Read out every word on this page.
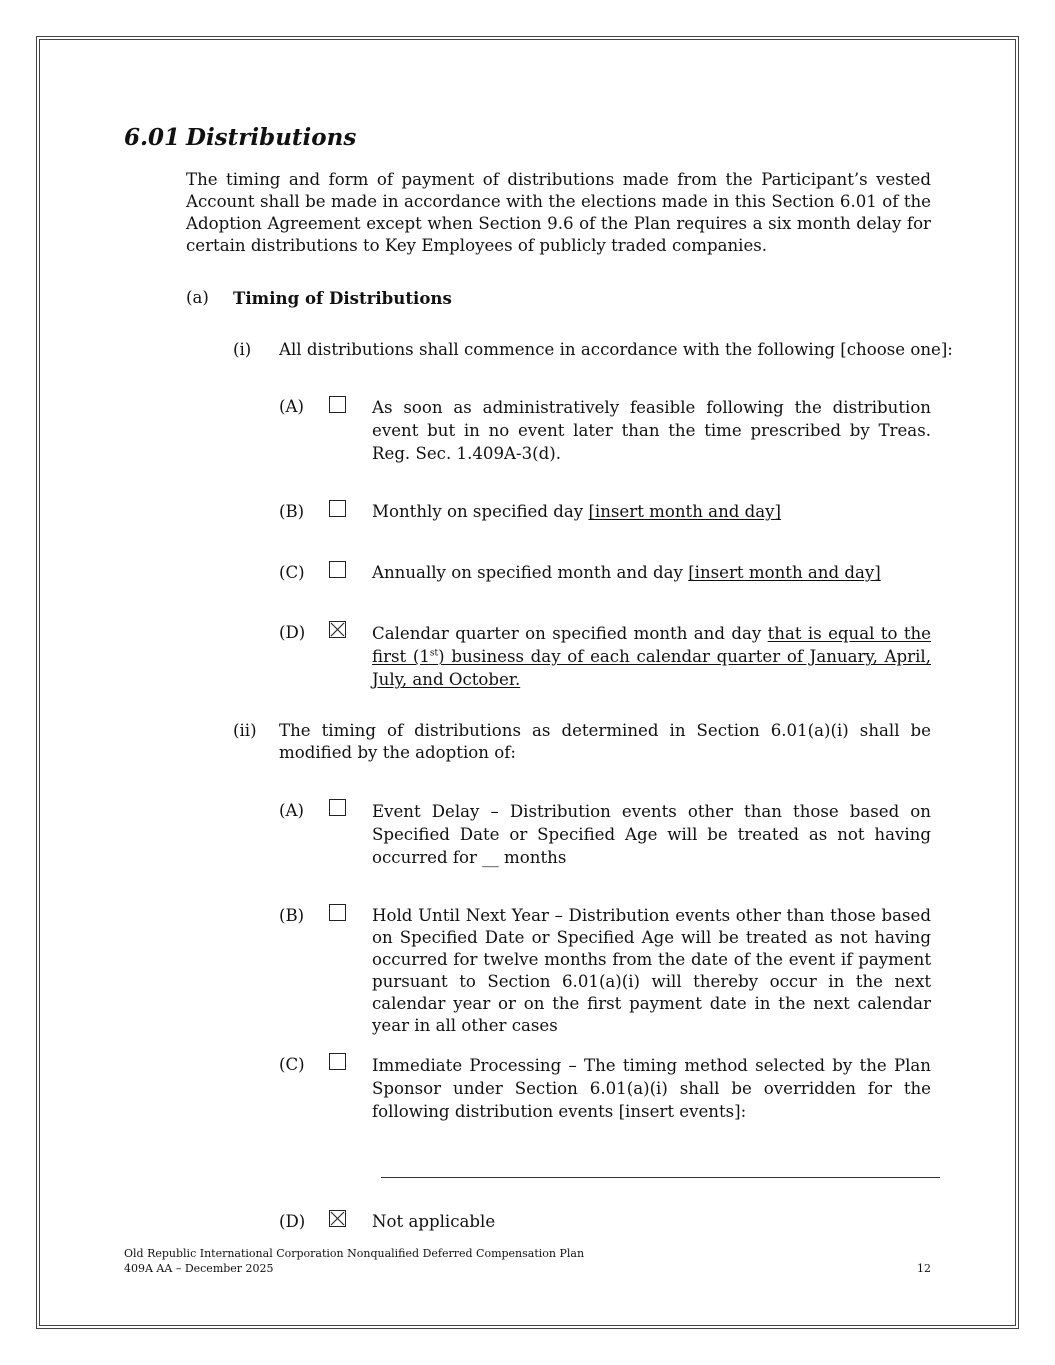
6.01 Distributions
The timing and form of payment of distributions made from the Participant’s vested Account shall be made in accordance with the elections made in this Section 6.01 of the Adoption Agreement except when Section 9.6 of the Plan requires a six month delay for certain distributions to Key Employees of publicly traded companies.
(a) Timing of Distributions
(i) All distributions shall commence in accordance with the following [choose one]:
(A)	As soon as administratively feasible following the distribution event but in no event later than the time prescribed by Treas. Reg. Sec. 1.409A-3(d).
(B)	Monthly on specified day [insert month and day]
(C)	Annually on specified month and day [insert month and day]
(D)	Calendar quarter on specified month and day that is equal to the first (1st) business day of each calendar quarter of January, April, July, and October.
(ii) The timing of distributions as determined in Section 6.01(a)(i) shall be modified by the adoption of:
(A)	Event Delay – Distribution events other than those based on Specified Date or Specified Age will be treated as not having occurred for __ months
(B)	Hold Until Next Year – Distribution events other than those based on Specified Date or Specified Age will be treated as not having occurred for twelve months from the date of the event if payment pursuant to Section 6.01(a)(i) will thereby occur in the next calendar year or on the first payment date in the next calendar year in all other cases
(C)	Immediate Processing – The timing method selected by the Plan Sponsor under Section 6.01(a)(i) shall be overridden for the following distribution events [insert events]:
(D)	Not applicable
Old Republic International Corporation Nonqualified Deferred Compensation Plan
409A AA – December 2025	12
